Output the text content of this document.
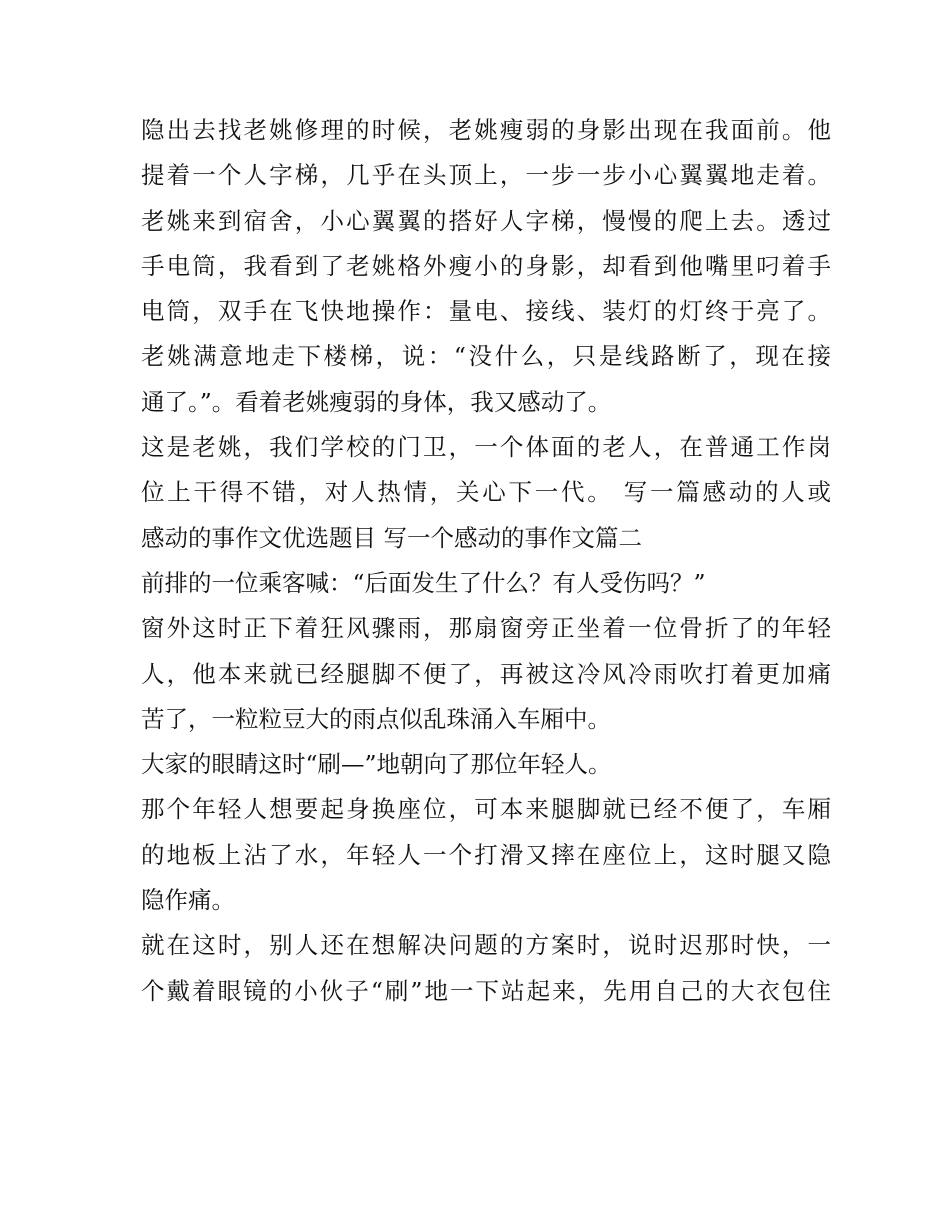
隐出去找老姚修理的时候，老姚瘦弱的身影出现在我面前。他
提着一个人字梯，几乎在头顶上，一步一步小心翼翼地走着。
老姚来到宿舍，小心翼翼的搭好人字梯，慢慢的爬上去。透过
手电筒，我看到了老姚格外瘦小的身影，却看到他嘴里叼着手
电筒，双手在飞快地操作：量电、接线、装灯的灯终于亮了。
老姚满意地走下楼梯，说：“没什么，只是线路断了，现在接
通了。”。看着老姚瘦弱的身体，我又感动了。
这是老姚，我们学校的门卫，一个体面的老人，在普通工作岗
位上干得不错，对人热情，关心下一代。 写一篇感动的人或
感动的事作文优选题目 写一个感动的事作文篇二
前排的一位乘客喊：“后面发生了什么？有人受伤吗？”
窗外这时正下着狂风骤雨，那扇窗旁正坐着一位骨折了的年轻
人，他本来就已经腿脚不便了，再被这冷风冷雨吹打着更加痛
苦了，一粒粒豆大的雨点似乱珠涌入车厢中。
大家的眼睛这时“刷—”地朝向了那位年轻人。
那个年轻人想要起身换座位，可本来腿脚就已经不便了，车厢
的地板上沾了水，年轻人一个打滑又摔在座位上，这时腿又隐
隐作痛。
就在这时，别人还在想解决问题的方案时，说时迟那时快，一
个戴着眼镜的小伙子“刷”地一下站起来，先用自己的大衣包住
